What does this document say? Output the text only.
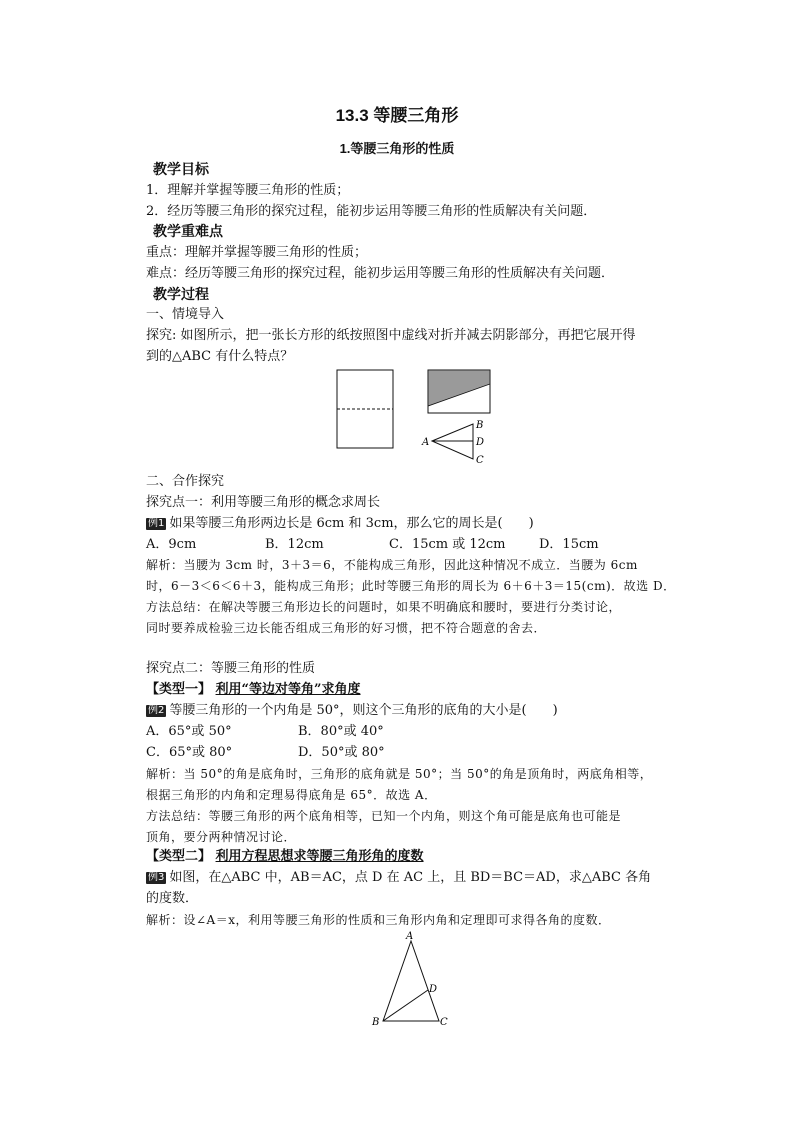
13.3 等腰三角形
1.等腰三角形的性质
教学目标
1．理解并掌握等腰三角形的性质；
2．经历等腰三角形的探究过程，能初步运用等腰三角形的性质解决有关问题．
教学重难点
重点：理解并掌握等腰三角形的性质；
难点：经历等腰三角形的探究过程，能初步运用等腰三角形的性质解决有关问题．
教学过程
一、情境导入
探究: 如图所示，把一张长方形的纸按照图中虚线对折并减去阴影部分，再把它展开得
到的△ABC 有什么特点？
A
B
D
C
二、合作探究
探究点一：利用等腰三角形的概念求周长
例1 如果等腰三角形两边长是 6cm 和 3cm，那么它的周长是(　　)
A．9cm	B．12cm	C．15cm 或 12cm	D．15cm
解析：当腰为 3cm 时，3＋3＝6，不能构成三角形，因此这种情况不成立．当腰为 6cm
时，6－3＜6＜6＋3，能构成三角形；此时等腰三角形的周长为 6＋6＋3＝15(cm)．故选 D．
方法总结：在解决等腰三角形边长的问题时，如果不明确底和腰时，要进行分类讨论，
同时要养成检验三边长能否组成三角形的好习惯，把不符合题意的舍去．
探究点二：等腰三角形的性质
【类型一】 利用“等边对等角”求角度
例2 等腰三角形的一个内角是 50°，则这个三角形的底角的大小是(　　)
A．65°或 50°	B．80°或 40°
C．65°或 80°	D．50°或 80°
解析：当 50°的角是底角时，三角形的底角就是 50°；当 50°的角是顶角时，两底角相等，
根据三角形的内角和定理易得底角是 65°．故选 A．
方法总结：等腰三角形的两个底角相等，已知一个内角，则这个角可能是底角也可能是
顶角，要分两种情况讨论．
【类型二】 利用方程思想求等腰三角形角的度数
例3 如图，在△ABC 中，AB＝AC，点 D 在 AC 上，且 BD＝BC＝AD，求△ABC 各角
的度数．
解析：设∠A＝x，利用等腰三角形的性质和三角形内角和定理即可求得各角的度数．
A
B	C
D
